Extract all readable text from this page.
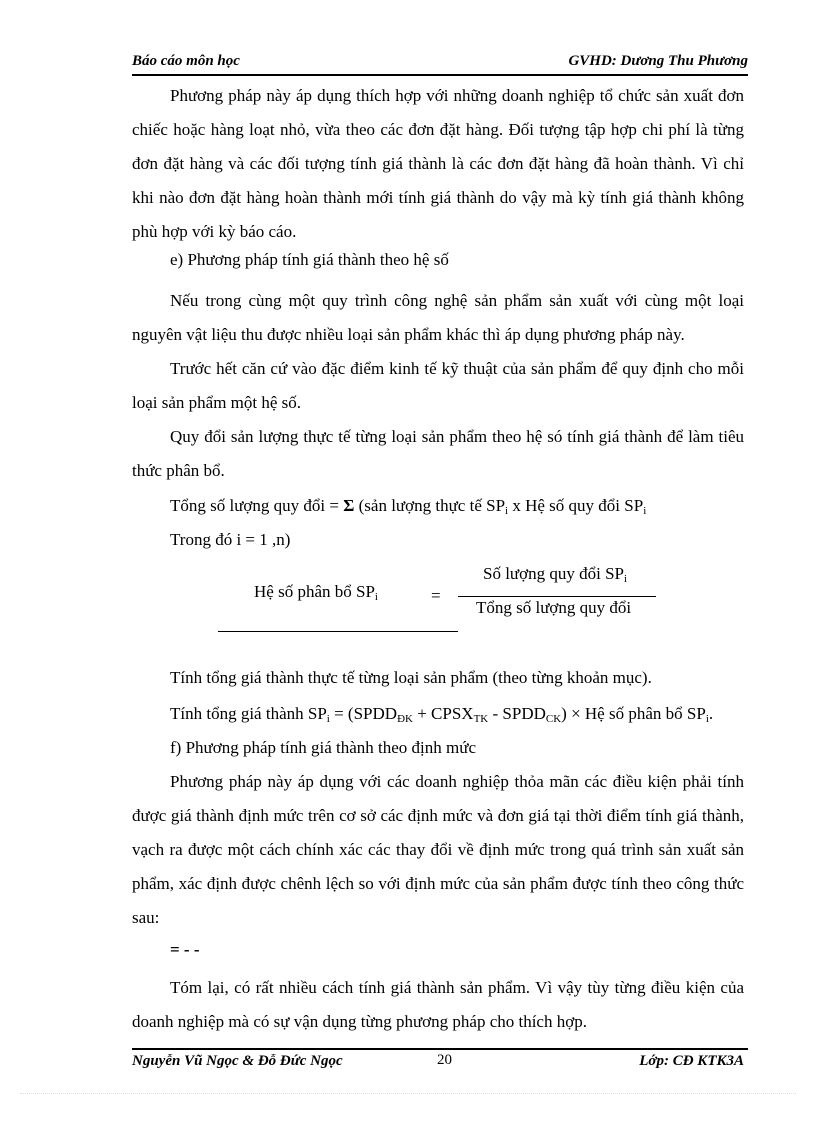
Báo cáo môn học	GVHD: Dương Thu Phương
Phương pháp này áp dụng thích hợp với những doanh nghiệp tổ chức sản xuất đơn chiếc hoặc hàng loạt nhỏ, vừa theo các đơn đặt hàng. Đối tượng tập hợp chi phí là từng đơn đặt hàng và các đối tượng tính giá thành là các đơn đặt hàng đã hoàn thành. Vì chỉ khi nào đơn đặt hàng hoàn thành mới tính giá thành do vậy mà kỳ tính giá thành không phù hợp với kỳ báo cáo.
e) Phương pháp tính giá thành theo hệ số
Nếu trong cùng một quy trình công nghệ sản phẩm sản xuất với cùng một loại nguyên vật liệu thu được nhiều loại sản phẩm khác thì áp dụng phương pháp này.
Trước hết căn cứ vào đặc điểm kinh tế kỹ thuật của sản phẩm để quy định cho mỗi loại sản phẩm một hệ số.
Quy đổi sản lượng thực tế từng loại sản phẩm theo hệ só tính giá thành để làm tiêu thức phân bổ.
Tổng số lượng quy đổi = Σ (sản lượng thực tế $SP_i$ x Hệ số quy đổi $SP_i$
Trong đó i = 1 ,n)
Hệ số phân bổ $SP_i$	=
Số lượng quy đổi $SP_i$
Tổng số lượng quy đổi
Tính tổng giá thành thực tế từng loại sản phẩm (theo từng khoản mục).
Tính tổng giá thành $SP_i$ = ($SPDD_{ĐK}$ + $CPSX_{TK}$ - $SPDD_{CK}$) × Hệ số phân bổ $SP_i$.
f) Phương pháp tính giá thành theo định mức
Phương pháp này áp dụng với các doanh nghiệp thỏa mãn các điều kiện phải tính được giá thành định mức trên cơ sở các định mức và đơn giá tại thời điểm tính giá thành, vạch ra được một cách chính xác các thay đổi về định mức trong quá trình sản xuất sản phẩm, xác định được chênh lệch so với định mức của sản phẩm được tính theo công thức sau:
= - -
Tóm lại, có rất nhiều cách tính giá thành sản phẩm. Vì vậy tùy từng điều kiện của doanh nghiệp mà có sự vận dụng từng phương pháp cho thích hợp.
Nguyễn Vũ Ngọc & Đỗ Đức Ngọc	20	Lớp: CĐ KTK3A
